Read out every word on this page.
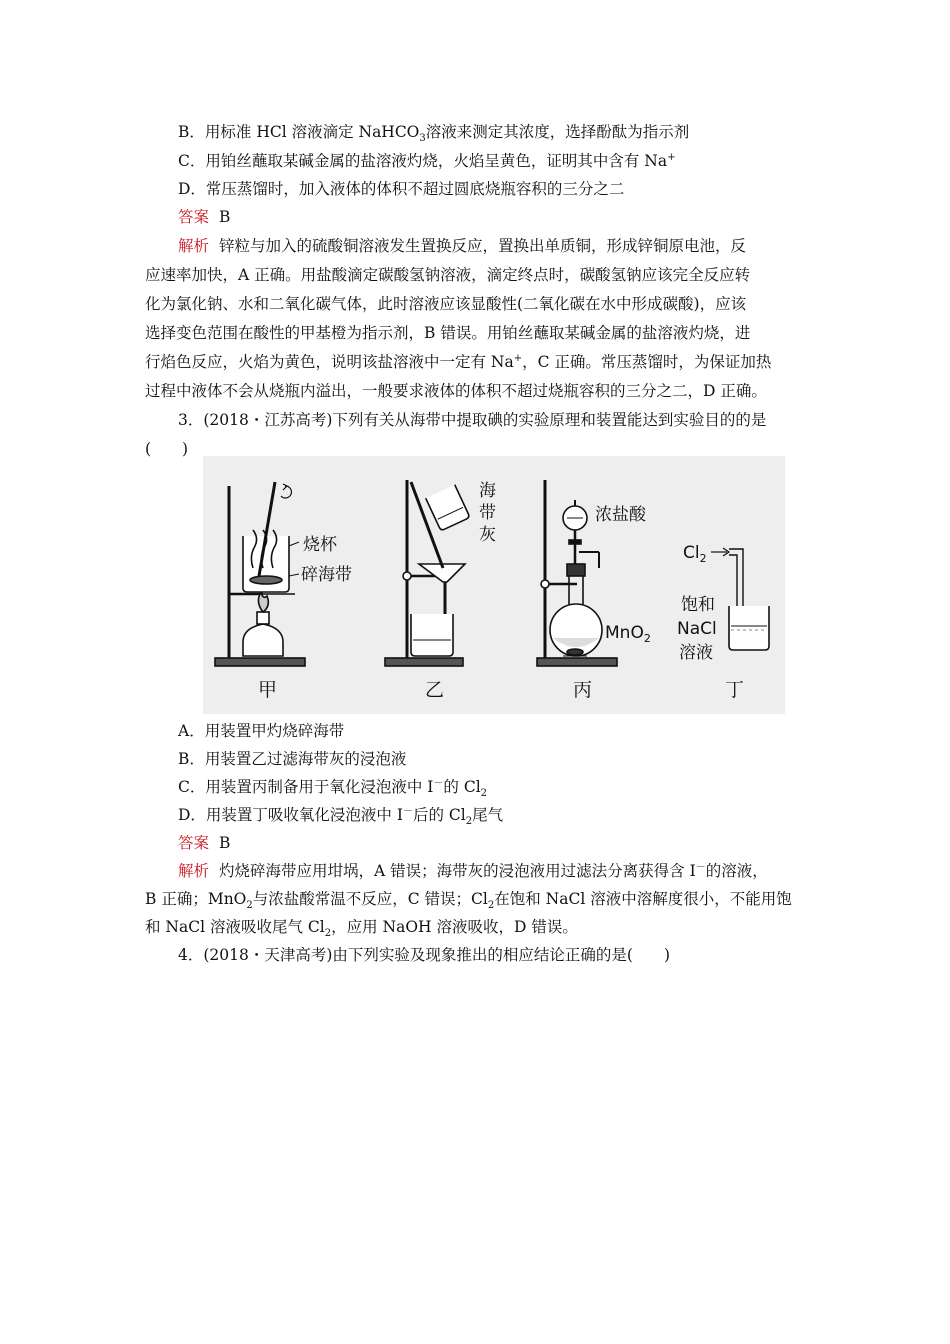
B．用标准 HCl 溶液滴定 NaHCO$_3$溶液来测定其浓度，选择酚酞为指示剂
C．用铂丝蘸取某碱金属的盐溶液灼烧，火焰呈黄色，证明其中含有 Na+
D．常压蒸馏时，加入液体的体积不超过圆底烧瓶容积的三分之二
答案 B
解析 锌粒与加入的硫酸铜溶液发生置换反应，置换出单质铜，形成锌铜原电池，反
应速率加快，A 正确。用盐酸滴定碳酸氢钠溶液，滴定终点时，碳酸氢钠应该完全反应转
化为氯化钠、水和二氧化碳气体，此时溶液应该显酸性(二氧化碳在水中形成碳酸)，应该
选择变色范围在酸性的甲基橙为指示剂，B 错误。用铂丝蘸取某碱金属的盐溶液灼烧，进
行焰色反应，火焰为黄色，说明该盐溶液中一定有 Na+，C 正确。常压蒸馏时，为保证加热
过程中液体不会从烧瓶内溢出，一般要求液体的体积不超过烧瓶容积的三分之二，D 正确。
3．(2018・江苏高考)下列有关从海带中提取碘的实验原理和装置能达到实验目的的是
(　　)
烧杯
碎海带
甲
海
带
灰
乙
浓盐酸
MnO$_2$
丙
$Cl_2$
饱和
NaCl
溶液
丁
A．用装置甲灼烧碎海带
B．用装置乙过滤海带灰的浸泡液
C．用装置丙制备用于氧化浸泡液中 I－的 $Cl_2$
D．用装置丁吸收氧化浸泡液中 I－后的 $Cl_2$尾气
答案 B
解析 灼烧碎海带应用坩埚，A 错误；海带灰的浸泡液用过滤法分离获得含 I－的溶液，
B 正确；MnO$_2$与浓盐酸常温不反应，C 错误；$Cl_2$在饱和 NaCl 溶液中溶解度很小，不能用饱
和 NaCl 溶液吸收尾气 $Cl_2$，应用 NaOH 溶液吸收，D 错误。
4．(2018・天津高考)由下列实验及现象推出的相应结论正确的是(　　)
